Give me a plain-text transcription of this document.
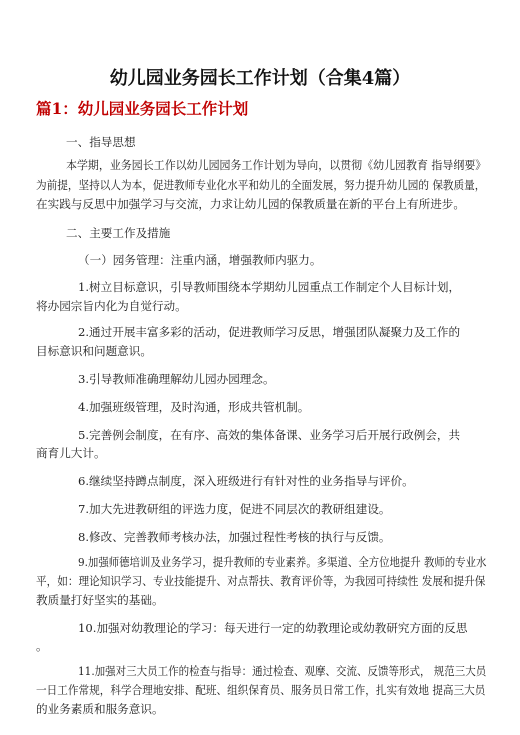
幼儿园业务园长工作计划（合集4篇）
篇1：幼儿园业务园长工作计划
一、指导思想
本学期，业务园长工作以幼儿园园务工作计划为导向，以贯彻《幼儿园教育 指导纲要》
为前提，坚持以人为本，促进教师专业化水平和幼儿的全面发展，努力提升幼儿园的 保教质量，
在实践与反思中加强学习与交流，力求让幼儿园的保教质量在新的平台上有所进步。
二、主要工作及措施
（一）园务管理：注重内涵，增强教师内驱力。
1.树立目标意识，引导教师围绕本学期幼儿园重点工作制定个人目标计划，
将办园宗旨内化为自觉行动。
2.通过开展丰富多彩的活动，促进教师学习反思，增强团队凝聚力及工作的
目标意识和问题意识。
3.引导教师准确理解幼儿园办园理念。
4.加强班级管理，及时沟通，形成共管机制。
5.完善例会制度，在有序、高效的集体备课、业务学习后开展行政例会，共
商育儿大计。
6.继续坚持蹲点制度，深入班级进行有针对性的业务指导与评价。
7.加大先进教研组的评选力度，促进不同层次的教研组建设。
8.修改、完善教师考核办法，加强过程性考核的执行与反馈。
9.加强师德培训及业务学习，提升教师的专业素养。多渠道、全方位地提升 教师的专业水
平，如：理论知识学习、专业技能提升、对点帮扶、教育评价等，为我园可持续性 发展和提升保
教质量打好坚实的基础。
10.加强对幼教理论的学习：每天进行一定的幼教理论或幼教研究方面的反思
。
11.加强对三大员工作的检查与指导：通过检查、观摩、交流、反馈等形式， 规范三大员
一日工作常规，科学合理地安排、配班、组织保育员、服务员日常工作，扎实有效地 提高三大员
的业务素质和服务意识。
